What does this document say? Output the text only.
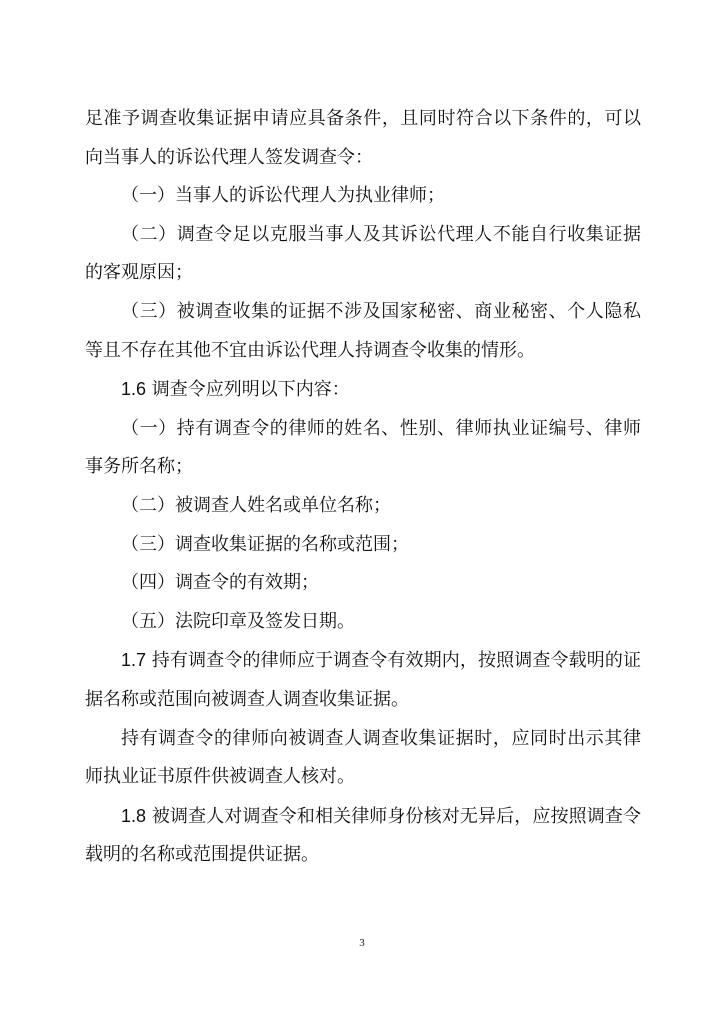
足准予调查收集证据申请应具备条件，且同时符合以下条件的，可以向当事人的诉讼代理人签发调查令：

（一）当事人的诉讼代理人为执业律师；

（二）调查令足以克服当事人及其诉讼代理人不能自行收集证据的客观原因；

（三）被调查收集的证据不涉及国家秘密、商业秘密、个人隐私等且不存在其他不宜由诉讼代理人持调查令收集的情形。

1.6 调查令应列明以下内容：

（一）持有调查令的律师的姓名、性别、律师执业证编号、律师事务所名称；

（二）被调查人姓名或单位名称；

（三）调查收集证据的名称或范围；

（四）调查令的有效期；

（五）法院印章及签发日期。

1.7 持有调查令的律师应于调查令有效期内，按照调查令载明的证据名称或范围向被调查人调查收集证据。

持有调查令的律师向被调查人调查收集证据时，应同时出示其律师执业证书原件供被调查人核对。

1.8 被调查人对调查令和相关律师身份核对无异后，应按照调查令载明的名称或范围提供证据。

3
